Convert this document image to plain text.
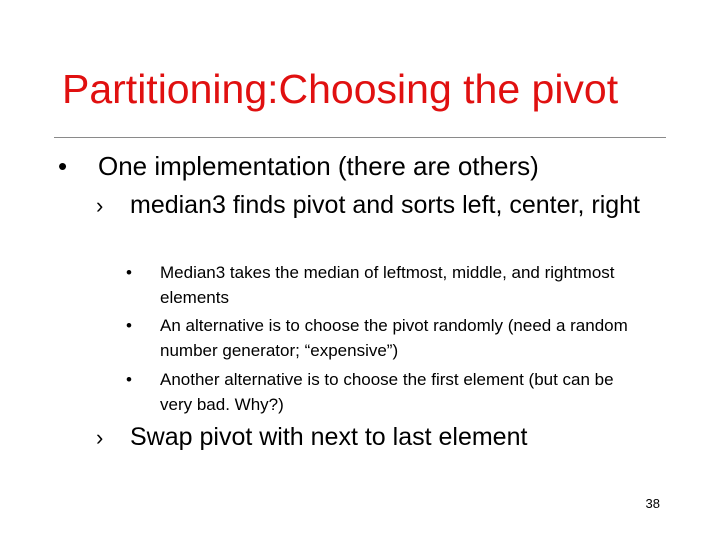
Partitioning:Choosing the pivot
• One implementation (there are others)
› median3 finds pivot and sorts left, center, right
• Median3 takes the median of leftmost, middle, and rightmost elements
• An alternative is to choose the pivot randomly (need a random number generator; “expensive”)
• Another alternative is to choose the first element (but can be very bad. Why?)
› Swap pivot with next to last element
38
